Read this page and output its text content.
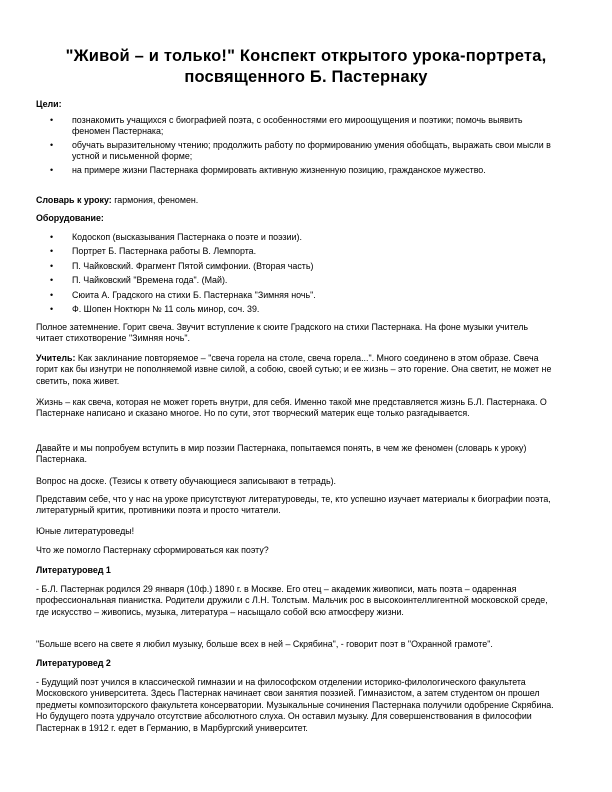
"Живой – и только!" Конспект открытого урока-портрета, посвященного Б. Пастернаку

Цели:

• познакомить учащихся с биографией поэта, с особенностями его мироощущения и поэтики; помочь выявить феномен Пастернака;
• обучать выразительному чтению; продолжить работу по формированию умения обобщать, выражать свои мысли в устной и письменной форме;
• на примере жизни Пастернака формировать активную жизненную позицию, гражданское мужество.

Словарь к уроку: гармония, феномен.

Оборудование:

• Кодоскоп (высказывания Пастернака о поэте и поэзии).
• Портрет Б. Пастернака работы В. Лемпорта.
• П. Чайковский. Фрагмент Пятой симфонии. (Вторая часть)
• П. Чайковский "Времена года". (Май).
• Сюита А. Градского на стихи Б. Пастернака "Зимняя ночь".
• Ф. Шопен Ноктюрн № 11 соль минор, соч. 39.

Полное затемнение. Горит свеча. Звучит вступление к сюите Градского на стихи Пастернака. На фоне музыки учитель читает стихотворение "Зимняя ночь".

Учитель: Как заклинание повторяемое – "свеча горела на столе, свеча горела...". Много соединено в этом образе. Свеча горит как бы изнутри не пополняемой извне силой, а собою, своей сутью; и ее жизнь – это горение. Она светит, не может не светить, пока живет.

Жизнь – как свеча, которая не может гореть внутри, для себя. Именно такой мне представляется жизнь Б.Л. Пастернака. О Пастернаке написано и сказано многое. Но по сути, этот творческий материк еще только разгадывается.

Давайте и мы попробуем вступить в мир поэзии Пастернака, попытаемся понять, в чем же феномен (словарь к уроку) Пастернака.

Вопрос на доске. (Тезисы к ответу обучающиеся записывают в тетрадь).

Представим себе, что у нас на уроке присутствуют литературоведы, те, кто успешно изучает материалы к биографии поэта, литературный критик, противники поэта и просто читатели.

Юные литературоведы!

Что же помогло Пастернаку сформироваться как поэту?

Литературовед 1

- Б.Л. Пастернак родился 29 января (10ф.) 1890 г. в Москве. Его отец – академик живописи, мать поэта – одаренная профессиональная пианистка. Родители дружили с Л.Н. Толстым. Мальчик рос в высокоинтеллигентной московской среде, где искусство – живопись, музыка, литература – насыщало собой всю атмосферу жизни.

"Больше всего на свете я любил музыку, больше всех в ней – Скрябина", - говорит поэт в "Охранной грамоте".

Литературовед 2

- Будущий поэт учился в классической гимназии и на философском отделении историко-филологического факультета Московского университета. Здесь Пастернак начинает свои занятия поэзией. Гимназистом, а затем студентом он прошел предметы композиторского факультета консерватории. Музыкальные сочинения Пастернака получили одобрение Скрябина. Но будущего поэта удручало отсутствие абсолютного слуха. Он оставил музыку. Для совершенствования в философии Пастернак в 1912 г. едет в Германию, в Марбургский университет.
